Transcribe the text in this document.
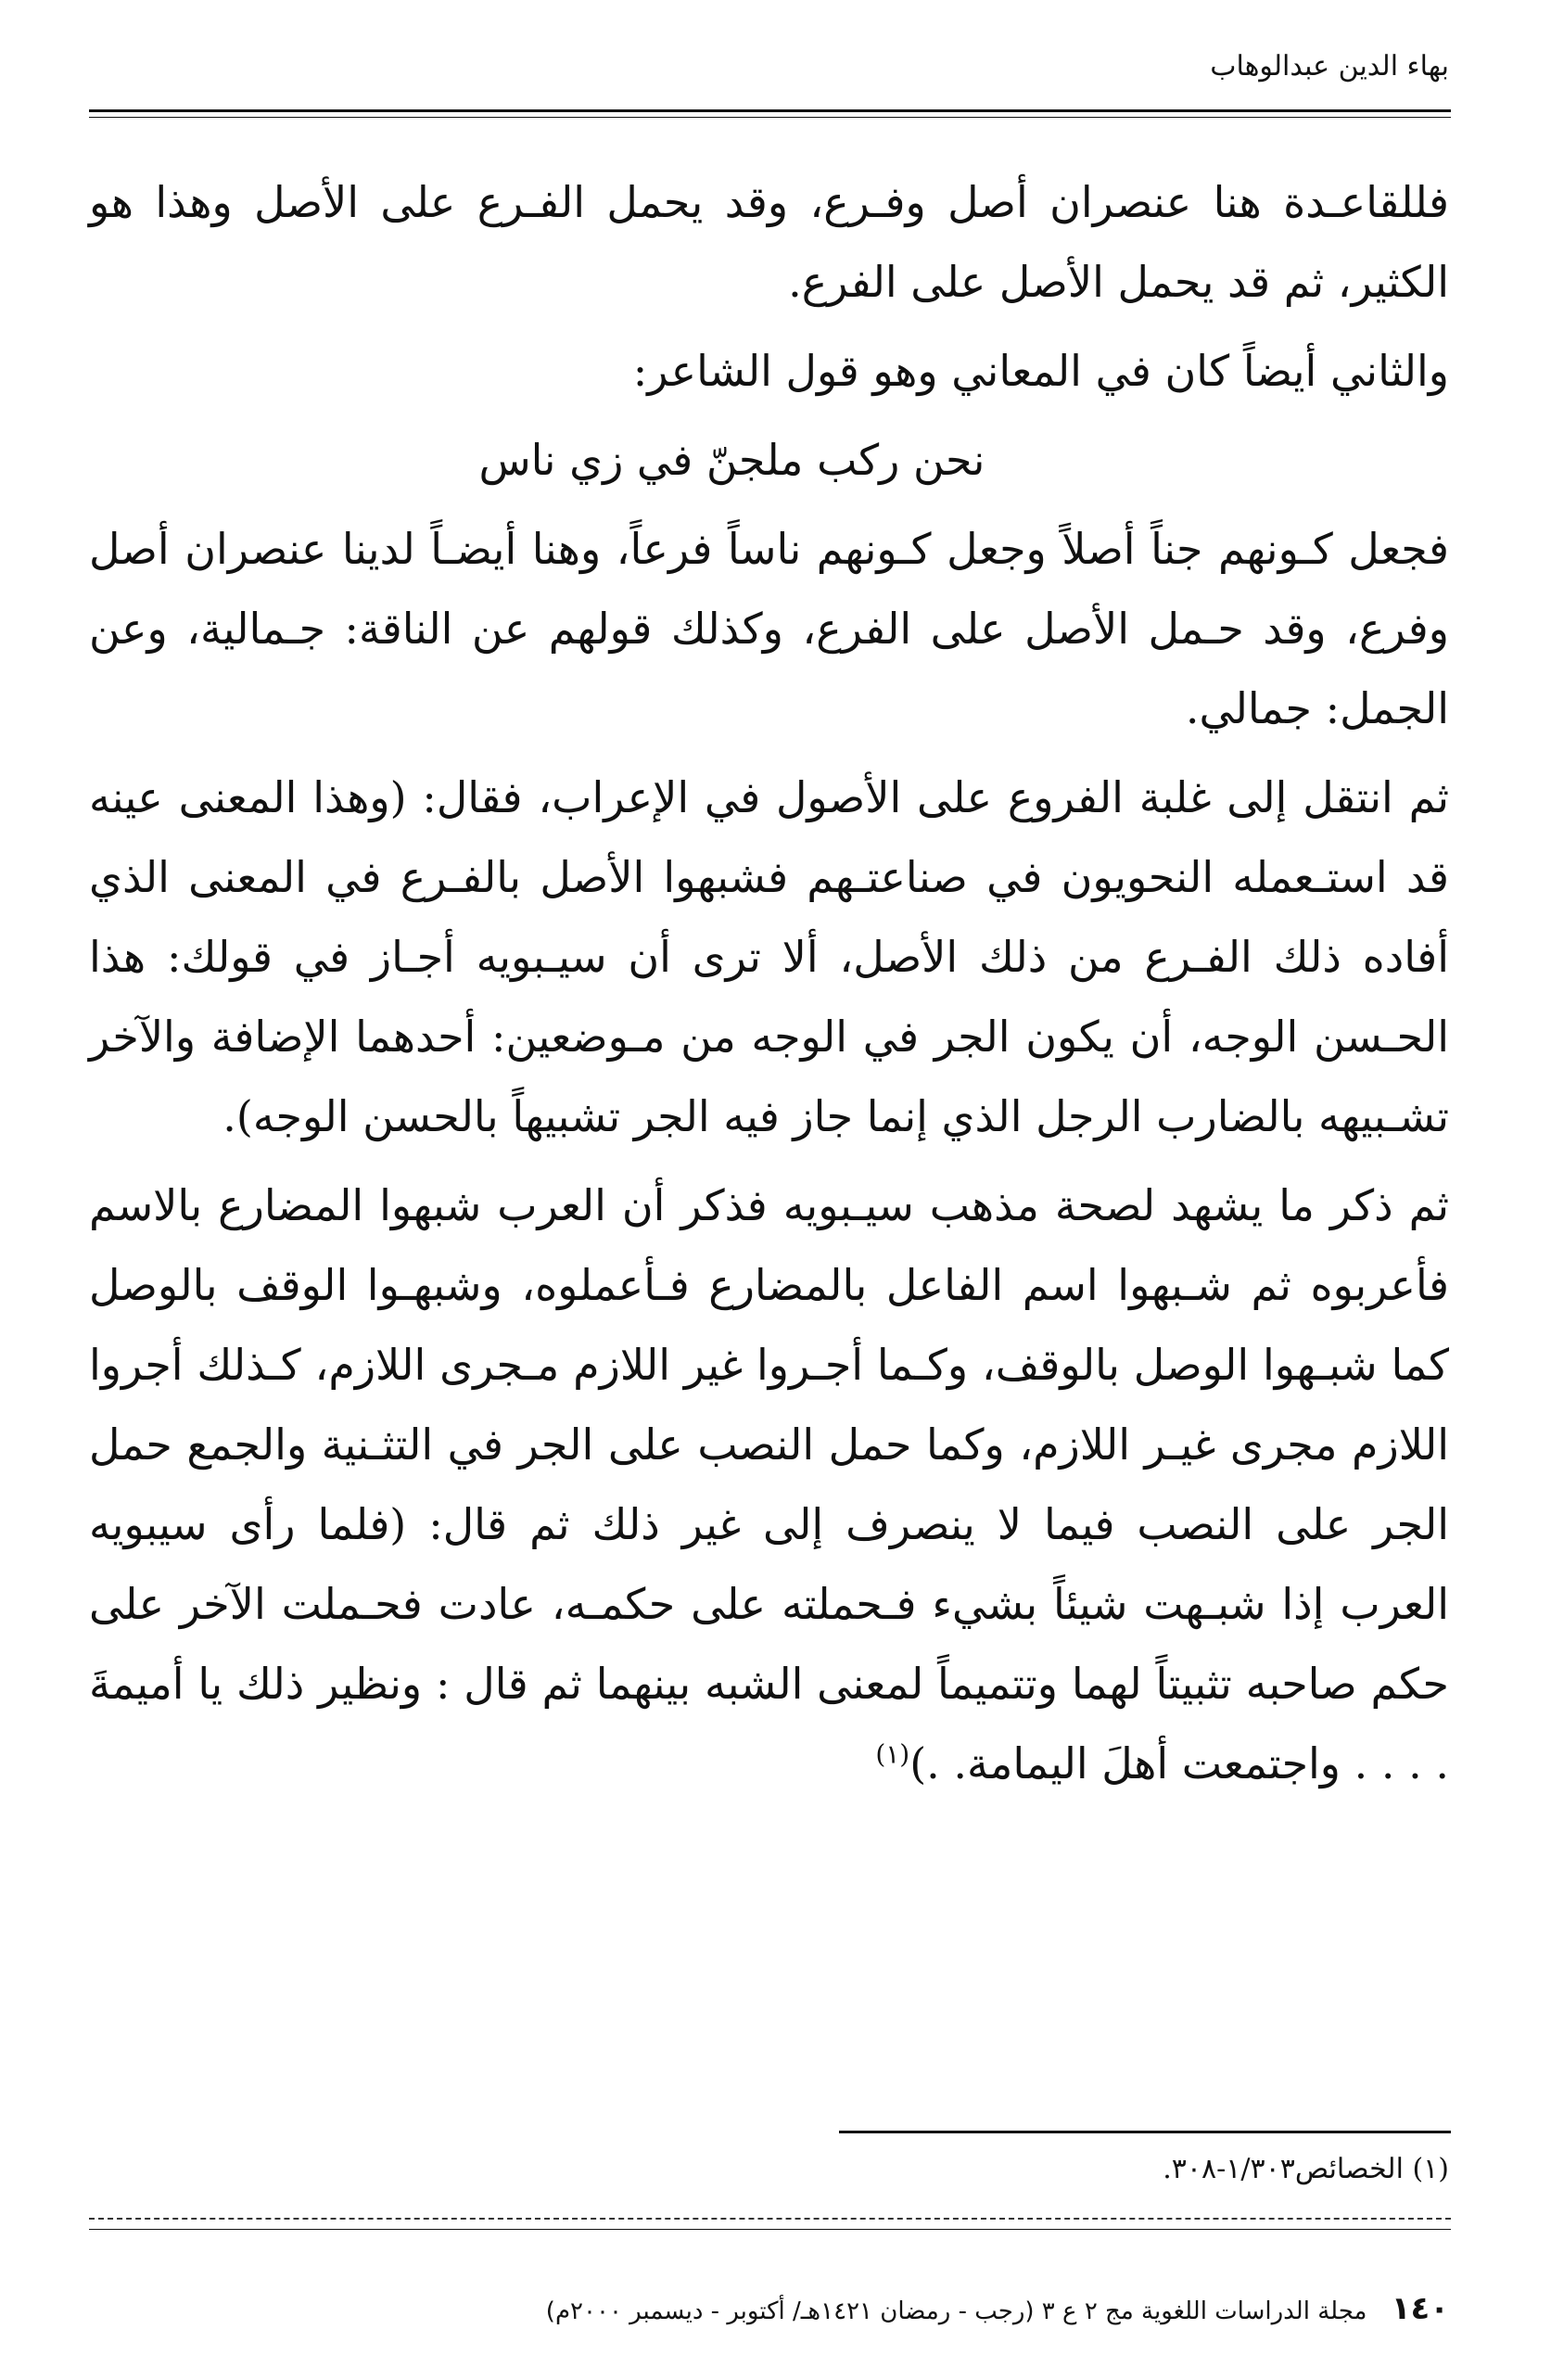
بهاء الدين عبدالوهاب

فللقاعـدة هنا عنصران أصل وفـرع، وقد يحمل الفـرع على الأصل وهذا هو الكثير، ثم قد يحمل الأصل على الفرع.

والثاني أيضاً كان في المعاني وهو قول الشاعر:

نحن ركب ملجنّ في زي ناس

فجعل كـونهم جناً أصلاً وجعل كـونهم ناساً فرعاً، وهنا أيضـاً لدينا عنصران أصل وفرع، وقد حـمل الأصل على الفرع، وكذلك قولهم عن الناقة: جـمالية، وعن الجمل: جمالي.

ثم انتقل إلى غلبة الفروع على الأصول في الإعراب، فقال: (وهذا المعنى عينه قد استـعمله النحويون في صناعتـهم فشبهوا الأصل بالفـرع في المعنى الذي أفاده ذلك الفـرع من ذلك الأصل، ألا ترى أن سيـبويه أجـاز في قولك: هذا الحـسن الوجه، أن يكون الجر في الوجه من مـوضعين: أحدهما الإضافة والآخر تشـبيهه بالضارب الرجل الذي إنما جاز فيه الجر تشبيهاً بالحسن الوجه).

ثم ذكر ما يشهد لصحة مذهب سيـبويه فذكر أن العرب شبهوا المضارع بالاسم فأعربوه ثم شـبهوا اسم الفاعل بالمضارع فـأعملوه، وشبهـوا الوقف بالوصل كما شبـهوا الوصل بالوقف، وكـما أجـروا غير اللازم مـجرى اللازم، كـذلك أجروا اللازم مجرى غيـر اللازم، وكما حمل النصب على الجر في التثـنية والجمع حمل الجر على النصب فيما لا ينصرف إلى غير ذلك ثم قال: (فلما رأى سيبويه العرب إذا شبـهت شيئاً بشيء فـحملته على حكمـه، عادت فحـملت الآخر على حكم صاحبه تثبيتاً لهما وتتميماً لمعنى الشبه بينهما ثم قال : ونظير ذلك يا أميمةَ . . . . واجتمعت أهلَ اليمامة. .)$^{(١)}$

(١) الخصائص١/٣٠٣-٣٠٨.
١٤٠ مجلة الدراسات اللغوية مج ٢ ع ٣ (رجب - رمضان ١٤٢١هـ/ أكتوبر - ديسمبر ٢٠٠٠م)
